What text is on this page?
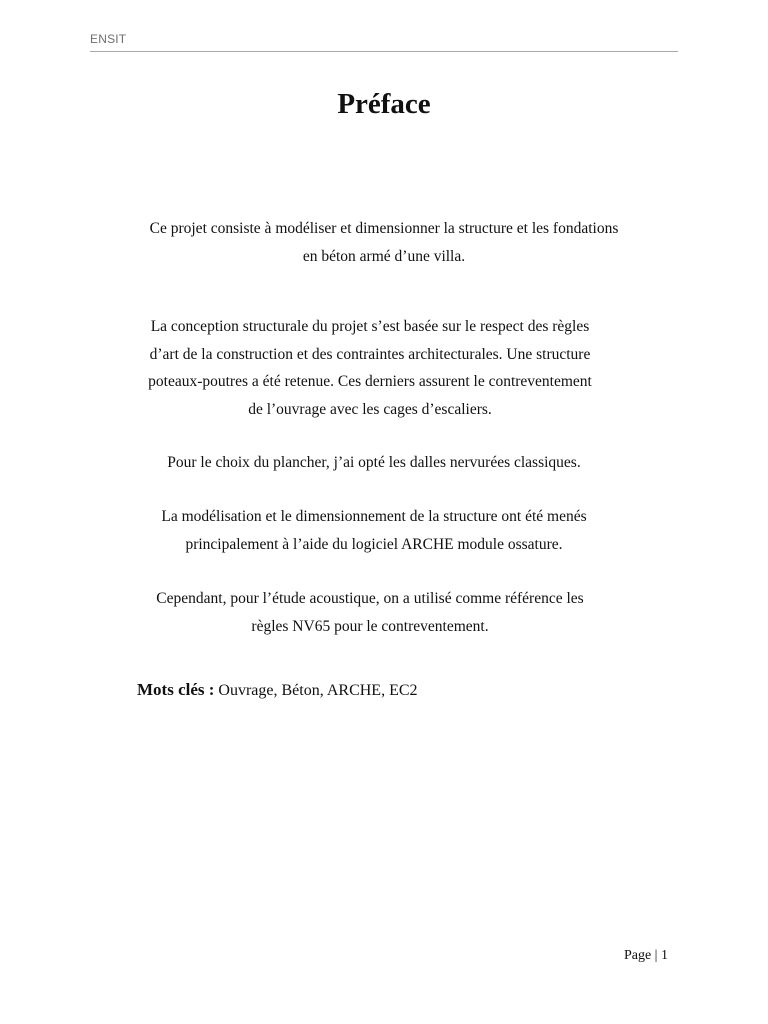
ENSIT
Préface

Ce projet consiste à modéliser et dimensionner la structure et les fondations
en béton armé d’une villa.

La conception structurale du projet s’est basée sur le respect des règles
d’art de la construction et des contraintes architecturales. Une structure
poteaux-poutres a été retenue. Ces derniers assurent le contreventement
de l’ouvrage avec les cages d’escaliers.

Pour le choix du plancher, j’ai opté les dalles nervurées classiques.

La modélisation et le dimensionnement de la structure ont été menés
principalement à l’aide du logiciel ARCHE module ossature.

Cependant, pour l’étude acoustique, on a utilisé comme référence les
règles NV65 pour le contreventement.

Mots clés : Ouvrage, Béton, ARCHE, EC2
Page | 1
